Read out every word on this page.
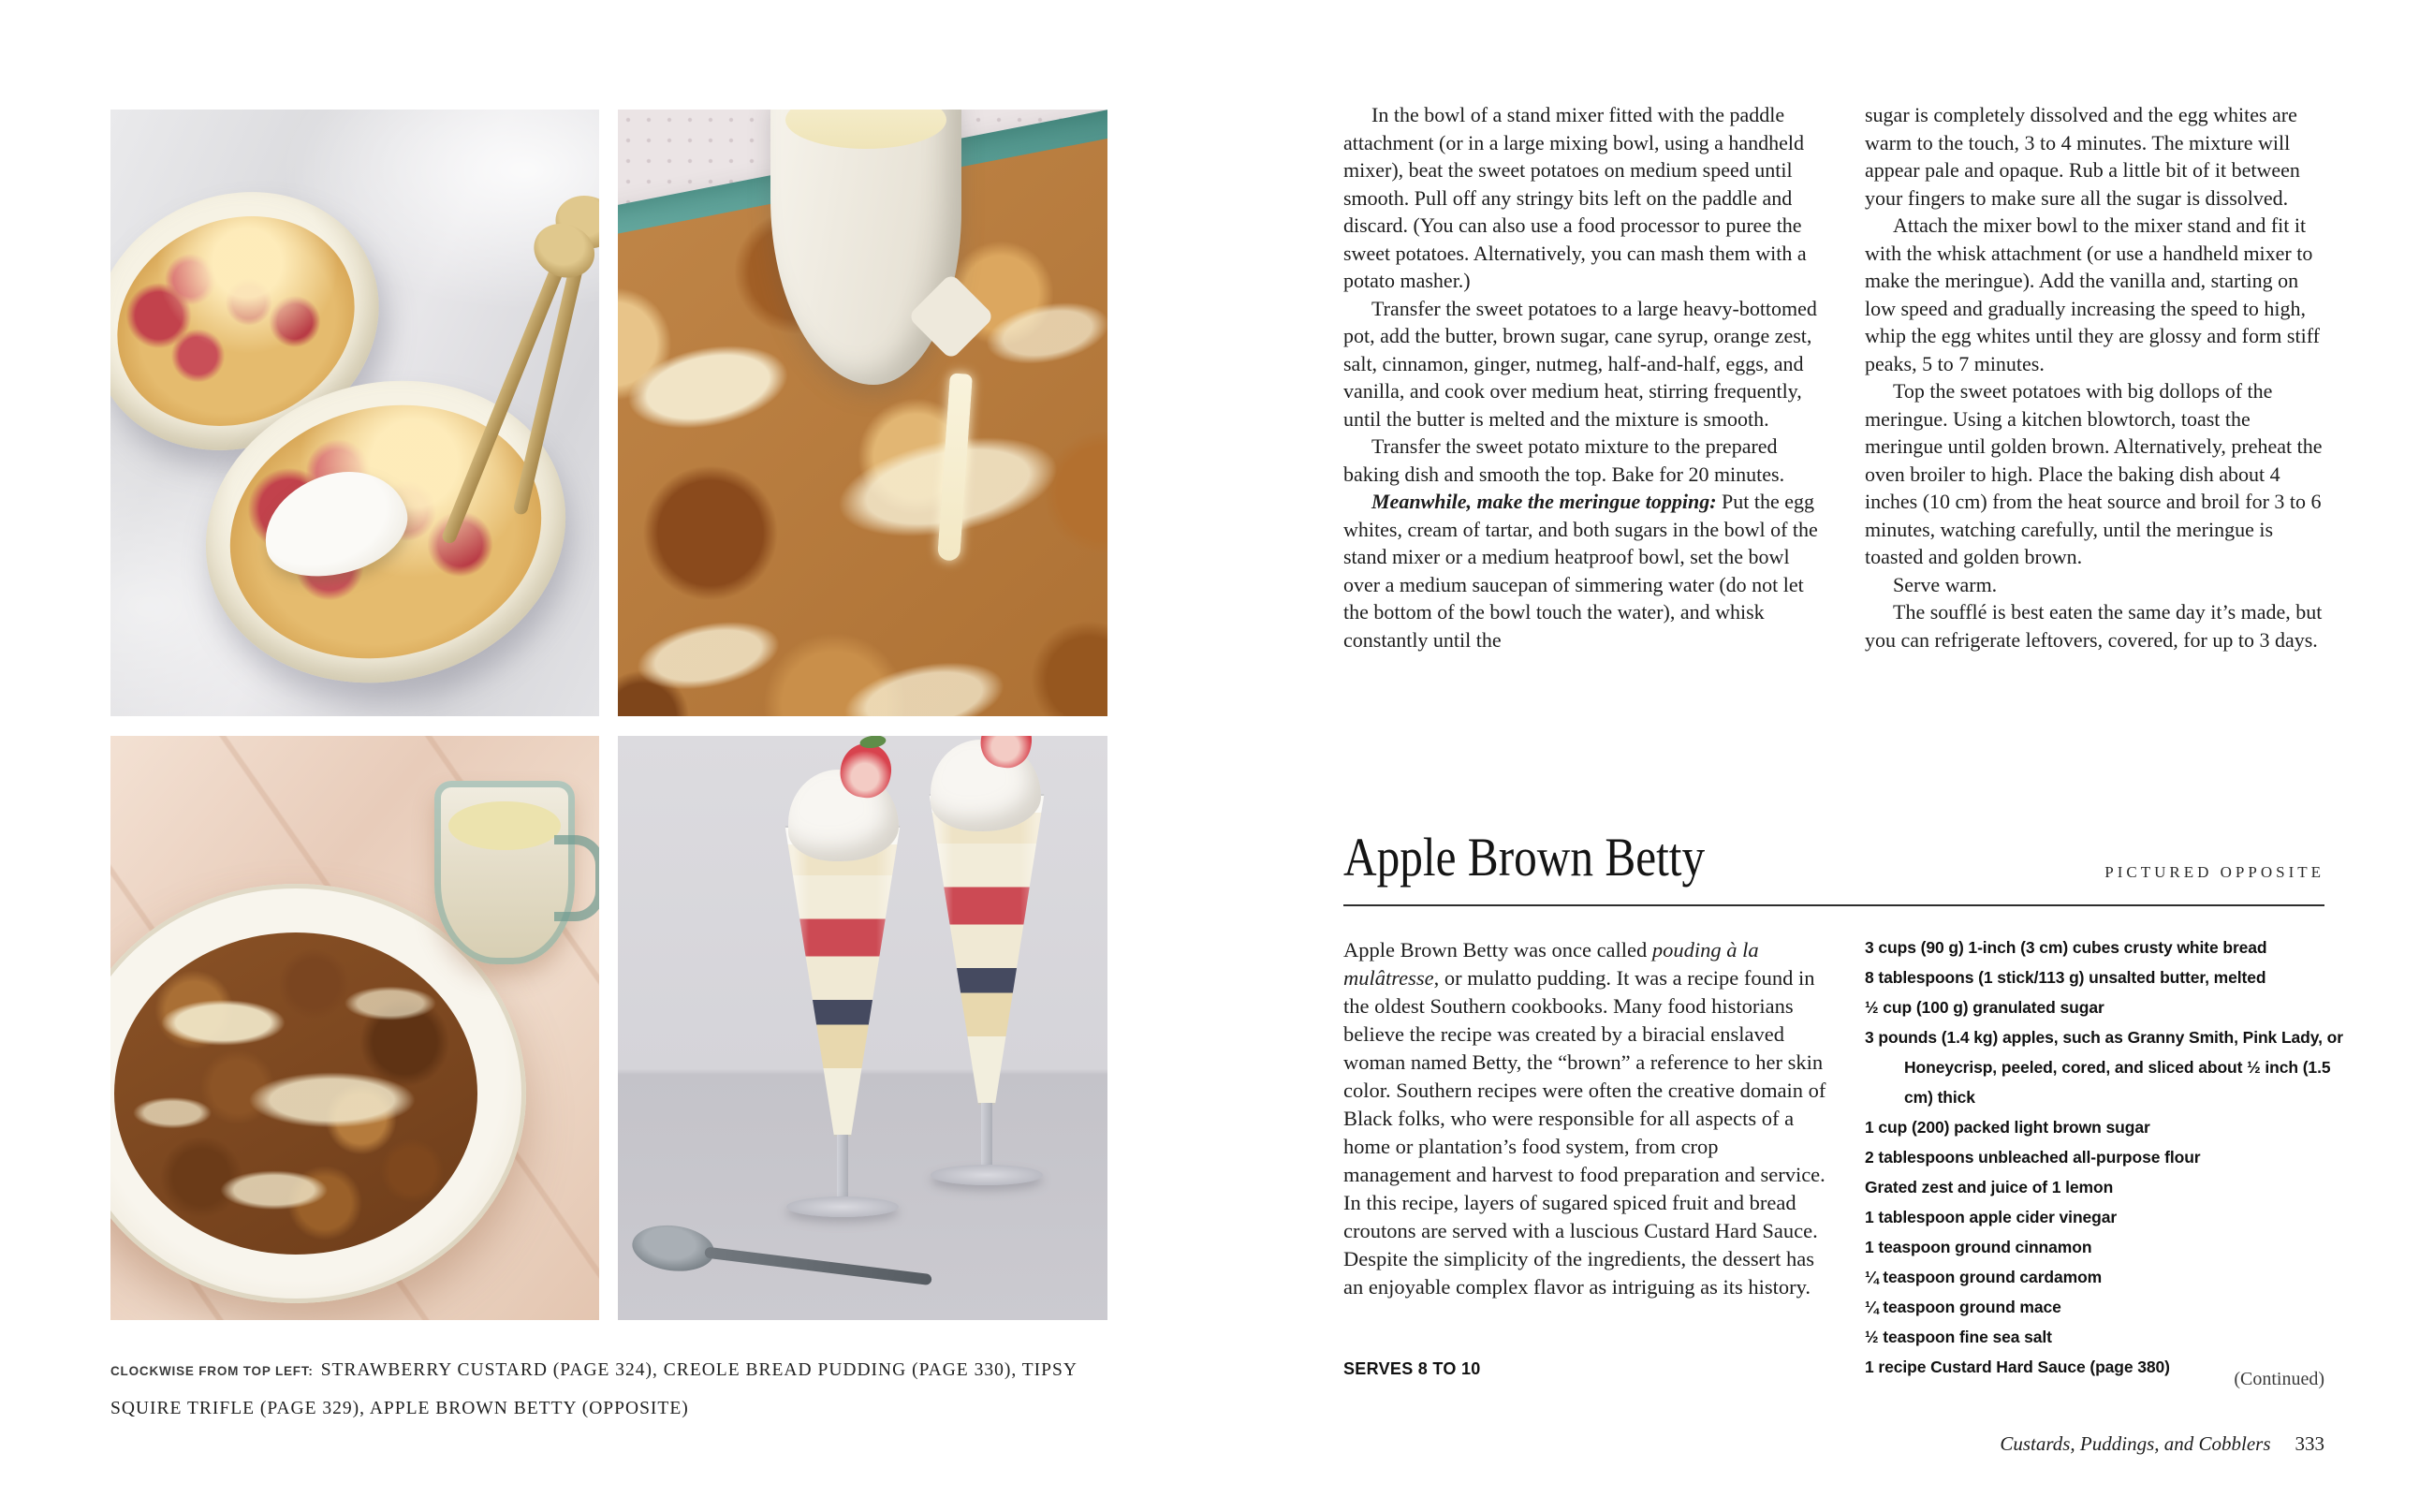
CLOCKWISE FROM TOP LEFT: STRAWBERRY CUSTARD (PAGE 324), CREOLE BREAD PUDDING (PAGE 330), TIPSY SQUIRE TRIFLE (PAGE 329), APPLE BROWN BETTY (OPPOSITE)

In the bowl of a stand mixer fitted with the paddle attachment (or in a large mixing bowl, using a handheld mixer), beat the sweet potatoes on medium speed until smooth. Pull off any stringy bits left on the paddle and discard. (You can also use a food processor to puree the sweet potatoes. Alternatively, you can mash them with a potato masher.)

Transfer the sweet potatoes to a large heavy-bottomed pot, add the butter, brown sugar, cane syrup, orange zest, salt, cinnamon, ginger, nutmeg, half-and-half, eggs, and vanilla, and cook over medium heat, stirring frequently, until the butter is melted and the mixture is smooth.

Transfer the sweet potato mixture to the prepared baking dish and smooth the top. Bake for 20 minutes.

Meanwhile, make the meringue topping: Put the egg whites, cream of tartar, and both sugars in the bowl of the stand mixer or a medium heatproof bowl, set the bowl over a medium saucepan of simmering water (do not let the bottom of the bowl touch the water), and whisk constantly until the

sugar is completely dissolved and the egg whites are warm to the touch, 3 to 4 minutes. The mixture will appear pale and opaque. Rub a little bit of it between your fingers to make sure all the sugar is dissolved.

Attach the mixer bowl to the mixer stand and fit it with the whisk attachment (or use a handheld mixer to make the meringue). Add the vanilla and, starting on low speed and gradually increasing the speed to high, whip the egg whites until they are glossy and form stiff peaks, 5 to 7 minutes.

Top the sweet potatoes with big dollops of the meringue. Using a kitchen blowtorch, toast the meringue until golden brown. Alternatively, preheat the oven broiler to high. Place the baking dish about 4 inches (10 cm) from the heat source and broil for 3 to 6 minutes, watching carefully, until the meringue is toasted and golden brown.

Serve warm.

The soufflé is best eaten the same day it’s made, but you can refrigerate leftovers, covered, for up to 3 days.

Apple Brown Betty	PICTURED OPPOSITE

Apple Brown Betty was once called pouding à la mulâtresse, or mulatto pudding. It was a recipe found in the oldest Southern cookbooks. Many food historians believe the recipe was created by a biracial enslaved woman named Betty, the “brown” a reference to her skin color. Southern recipes were often the creative domain of Black folks, who were responsible for all aspects of a home or plantation’s food system, from crop management and harvest to food preparation and service. In this recipe, layers of sugared spiced fruit and bread croutons are served with a luscious Custard Hard Sauce. Despite the simplicity of the ingredients, the dessert has an enjoyable complex flavor as intriguing as its history.

SERVES 8 TO 10
3 cups (90 g) 1-inch (3 cm) cubes crusty white bread
8 tablespoons (1 stick/113 g) unsalted butter, melted
½ cup (100 g) granulated sugar
3 pounds (1.4 kg) apples, such as Granny Smith, Pink Lady, or Honeycrisp, peeled, cored, and sliced about ½ inch (1.5 cm) thick
1 cup (200) packed light brown sugar
2 tablespoons unbleached all-purpose flour
Grated zest and juice of 1 lemon
1 tablespoon apple cider vinegar
1 teaspoon ground cinnamon
¼ teaspoon ground cardamom
¼ teaspoon ground mace
½ teaspoon fine sea salt
1 recipe Custard Hard Sauce (page 380)
(Continued)
Custards, Puddings, and Cobblers 333
